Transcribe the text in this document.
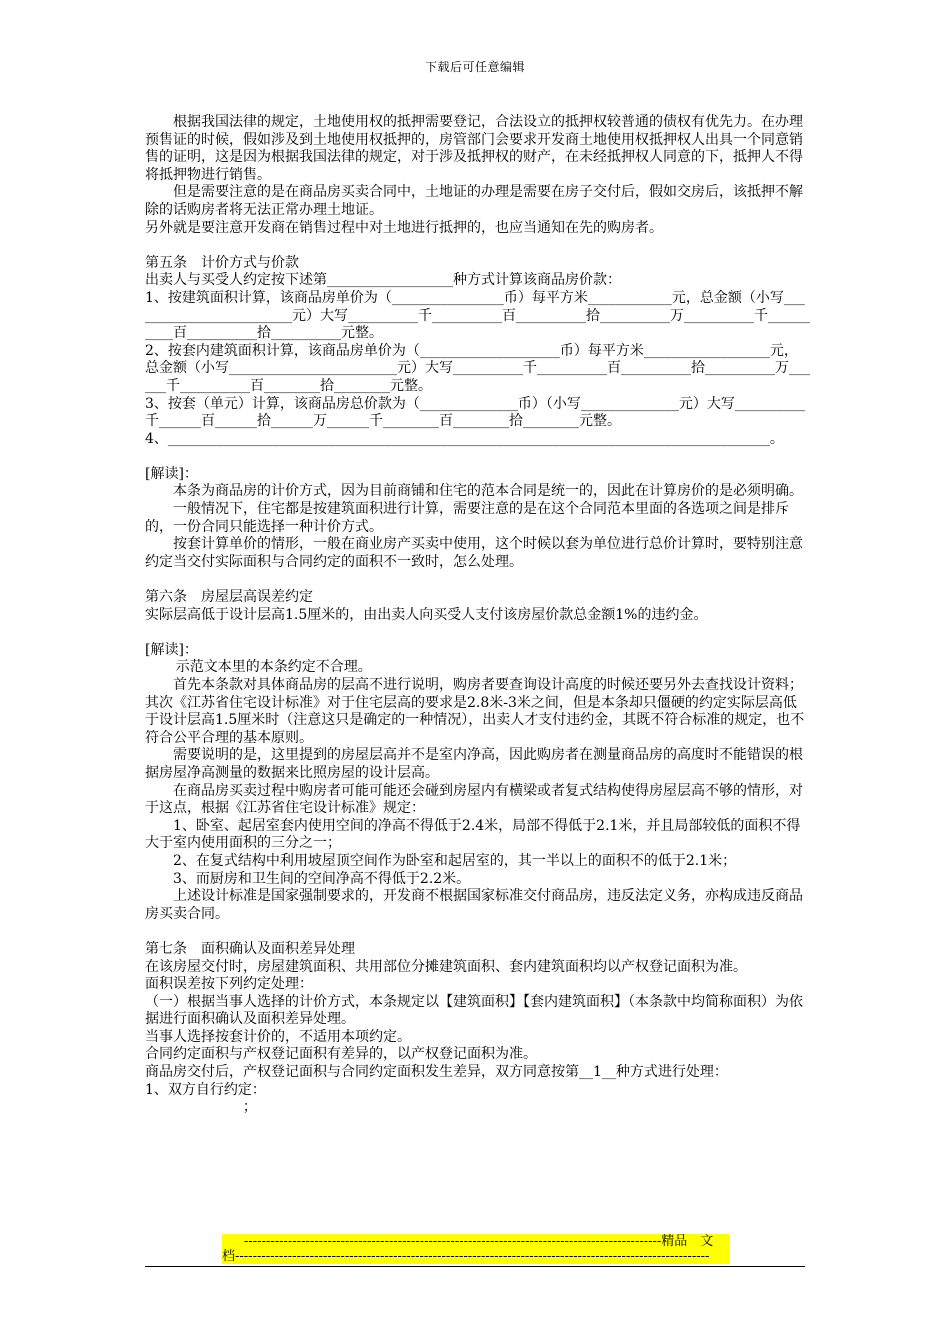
下载后可任意编辑

根据我国法律的规定，土地使用权的抵押需要登记，合法设立的抵押权较普通的债权有优先力。在办理预售证的时候，假如涉及到土地使用权抵押的，房管部门会要求开发商土地使用权抵押权人出具一个同意销售的证明，这是因为根据我国法律的规定，对于涉及抵押权的财产，在未经抵押权人同意的下，抵押人不得将抵押物进行销售。

但是需要注意的是在商品房买卖合同中，土地证的办理是需要在房子交付后，假如交房后，该抵押不解除的话购房者将无法正常办理土地证。

另外就是要注意开发商在销售过程中对土地进行抵押的，也应当通知在先的购房者。

第五条　计价方式与价款

出卖人与买受人约定按下述第__________________种方式计算该商品房价款：

1、按建筑面积计算，该商品房单价为（________________币）每平方米____________元，总金额（小写________________________元）大写__________千__________百__________拾__________万__________千__________百__________拾__________元整。

2、按套内建筑面积计算，该商品房单价为（____________________币）每平方米__________________元，

总金额（小写________________________元）大写__________千__________百__________拾__________万______千__________百________拾________元整。

3、按套（单元）计算，该商品房总价款为（______________币）（小写______________元）大写__________千______百______拾______万______千________百________拾________元整。

4、______________________________________________________________________________________。

[解读]：

本条为商品房的计价方式，因为目前商铺和住宅的范本合同是统一的，因此在计算房价的是必须明确。

一般情况下，住宅都是按建筑面积进行计算，需要注意的是在这个合同范本里面的各选项之间是排斥的，一份合同只能选择一种计价方式。

按套计算单价的情形，一般在商业房产买卖中使用，这个时候以套为单位进行总价计算时，要特别注意约定当交付实际面积与合同约定的面积不一致时，怎么处理。

第六条　房屋层高误差约定

实际层高低于设计层高1.5厘米的，由出卖人向买受人支付该房屋价款总金额1%的违约金。

[解读]：

示范文本里的本条约定不合理。

首先本条款对具体商品房的层高不进行说明，购房者要查询设计高度的时候还要另外去查找设计资料；其次《江苏省住宅设计标准》对于住宅层高的要求是2.8米-3米之间，但是本条却只僵硬的约定实际层高低于设计层高1.5厘米时（注意这只是确定的一种情况），出卖人才支付违约金，其既不符合标准的规定，也不符合公平合理的基本原则。

需要说明的是，这里提到的房屋层高并不是室内净高，因此购房者在测量商品房的高度时不能错误的根据房屋净高测量的数据来比照房屋的设计层高。

在商品房买卖过程中购房者可能可能还会碰到房屋内有横梁或者复式结构使得房屋层高不够的情形，对于这点，根据《江苏省住宅设计标准》规定：

1、卧室、起居室套内使用空间的净高不得低于2.4米，局部不得低于2.1米，并且局部较低的面积不得大于室内使用面积的三分之一；

2、在复式结构中利用坡屋顶空间作为卧室和起居室的，其一半以上的面积不的低于2.1米；

3、而厨房和卫生间的空间净高不得低于2.2米。

上述设计标准是国家强制要求的，开发商不根据国家标准交付商品房，违反法定义务，亦构成违反商品房买卖合同。

第七条　面积确认及面积差异处理

在该房屋交付时，房屋建筑面积、共用部位分摊建筑面积、套内建筑面积均以产权登记面积为准。

面积误差按下列约定处理：

（一）根据当事人选择的计价方式，本条规定以【建筑面积】【套内建筑面积】（本条款中均简称面积）为依据进行面积确认及面积差异处理。

当事人选择按套计价的，不适用本项约定。

合同约定面积与产权登记面积有差异的，以产权登记面积为准。

商品房交付后，产权登记面积与合同约定面积发生差异，双方同意按第__1__种方式进行处理：

1、双方自行约定：

；

-----------------------------------------------------------------------------------------------精品　文
档------------------------------------------------------------------------------------------------------------
